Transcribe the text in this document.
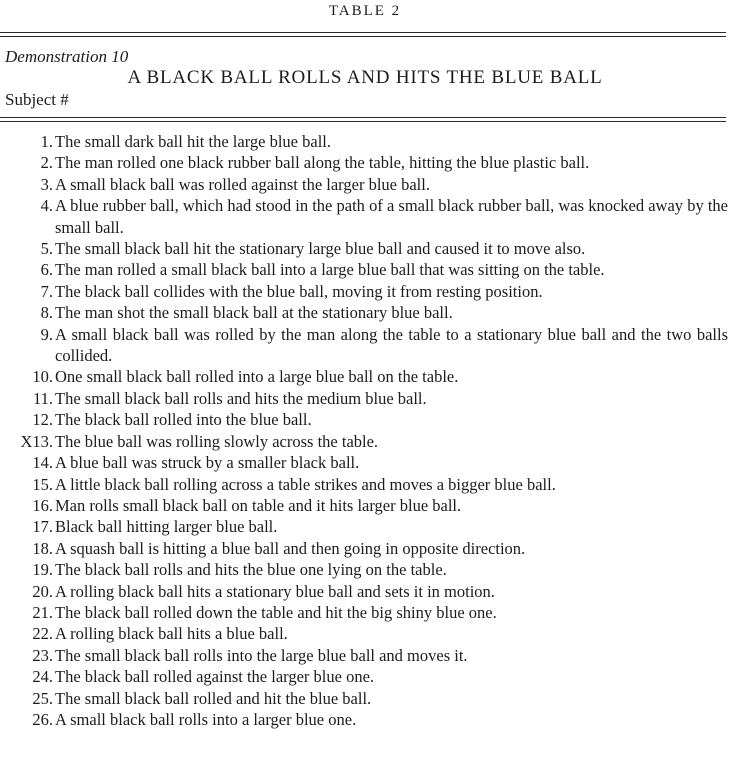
TABLE 2
Demonstration 10
A BLACK BALL ROLLS AND HITS THE BLUE BALL
Subject #
1. The small dark ball hit the large blue ball.
2. The man rolled one black rubber ball along the table, hitting the blue plastic ball.
3. A small black ball was rolled against the larger blue ball.
4. A blue rubber ball, which had stood in the path of a small black rubber ball, was knocked away by the small ball.
5. The small black ball hit the stationary large blue ball and caused it to move also.
6. The man rolled a small black ball into a large blue ball that was sitting on the table.
7. The black ball collides with the blue ball, moving it from resting position.
8. The man shot the small black ball at the stationary blue ball.
9. A small black ball was rolled by the man along the table to a stationary blue ball and the two balls collided.
10. One small black ball rolled into a large blue ball on the table.
11. The small black ball rolls and hits the medium blue ball.
12. The black ball rolled into the blue ball.
X13. The blue ball was rolling slowly across the table.
14. A blue ball was struck by a smaller black ball.
15. A little black ball rolling across a table strikes and moves a bigger blue ball.
16. Man rolls small black ball on table and it hits larger blue ball.
17. Black ball hitting larger blue ball.
18. A squash ball is hitting a blue ball and then going in opposite direction.
19. The black ball rolls and hits the blue one lying on the table.
20. A rolling black ball hits a stationary blue ball and sets it in motion.
21. The black ball rolled down the table and hit the big shiny blue one.
22. A rolling black ball hits a blue ball.
23. The small black ball rolls into the large blue ball and moves it.
24. The black ball rolled against the larger blue one.
25. The small black ball rolled and hit the blue ball.
26. A small black ball rolls into a larger blue one.
